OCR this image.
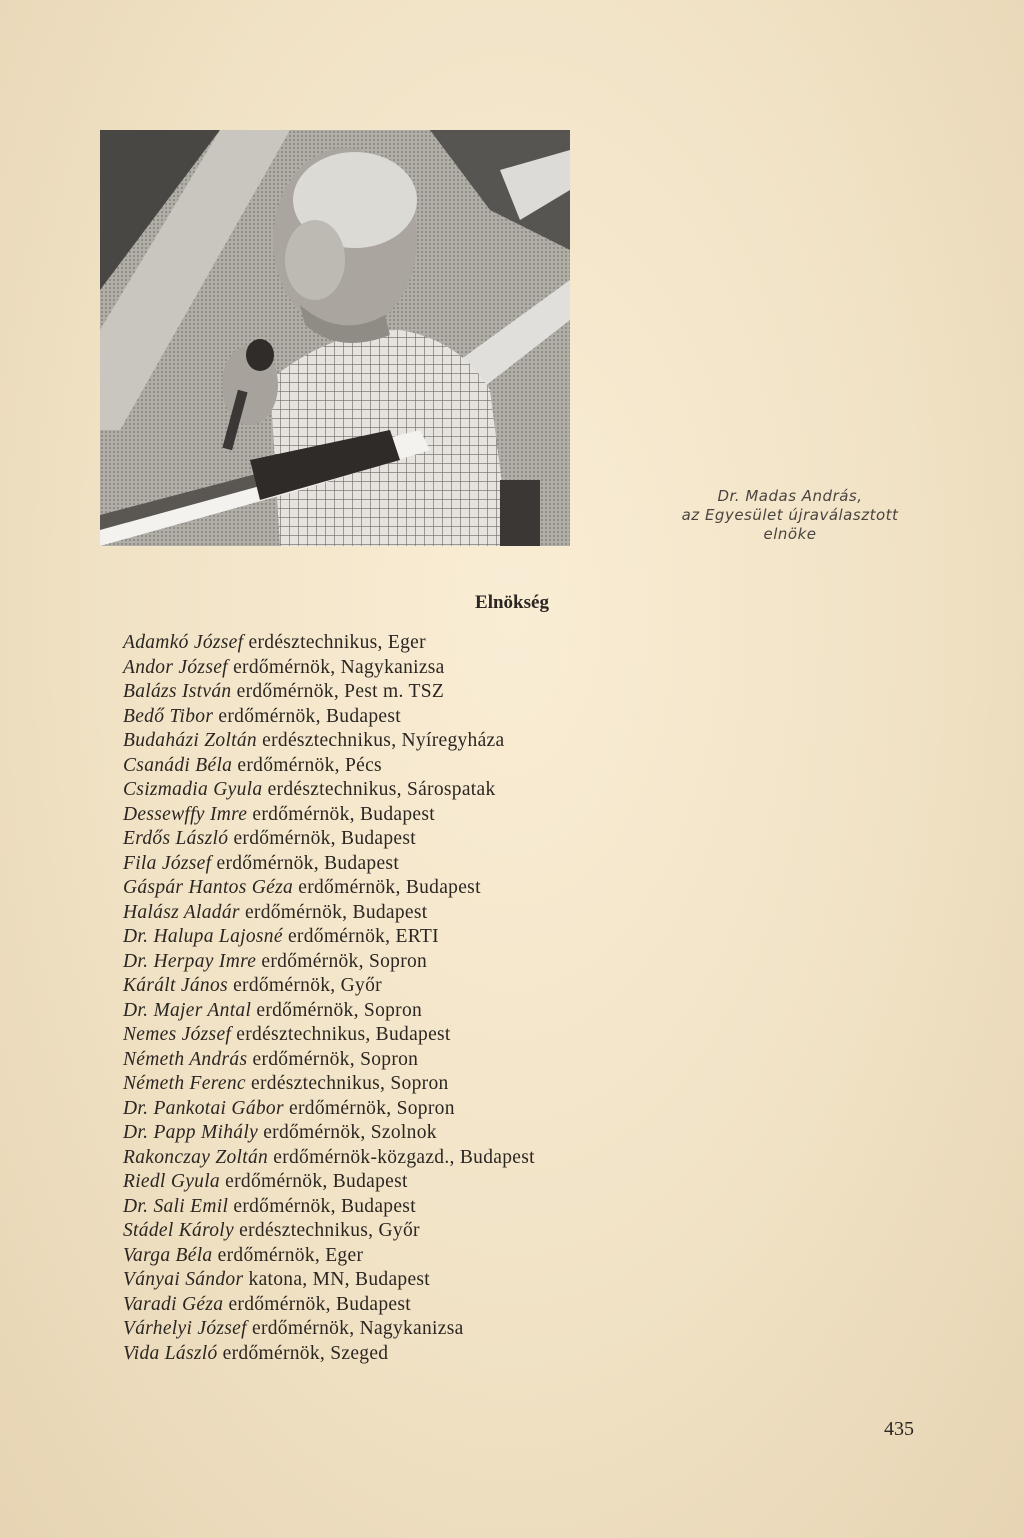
Dr. Madas András,
az Egyesület újraválasztott
elnöke
Elnökség
Adamkó József erdésztechnikus, Eger
Andor József erdőmérnök, Nagykanizsa
Balázs István erdőmérnök, Pest m. TSZ
Bedő Tibor erdőmérnök, Budapest
Budaházi Zoltán erdésztechnikus, Nyíregyháza
Csanádi Béla erdőmérnök, Pécs
Csizmadia Gyula erdésztechnikus, Sárospatak
Dessewffy Imre erdőmérnök, Budapest
Erdős László erdőmérnök, Budapest
Fila József erdőmérnök, Budapest
Gáspár Hantos Géza erdőmérnök, Budapest
Halász Aladár erdőmérnök, Budapest
Dr. Halupa Lajosné erdőmérnök, ERTI
Dr. Herpay Imre erdőmérnök, Sopron
Kárált János erdőmérnök, Győr
Dr. Majer Antal erdőmérnök, Sopron
Nemes József erdésztechnikus, Budapest
Németh András erdőmérnök, Sopron
Németh Ferenc erdésztechnikus, Sopron
Dr. Pankotai Gábor erdőmérnök, Sopron
Dr. Papp Mihály erdőmérnök, Szolnok
Rakonczay Zoltán erdőmérnök-közgazd., Budapest
Riedl Gyula erdőmérnök, Budapest
Dr. Sali Emil erdőmérnök, Budapest
Stádel Károly erdésztechnikus, Győr
Varga Béla erdőmérnök, Eger
Ványai Sándor katona, MN, Budapest
Varadi Géza erdőmérnök, Budapest
Várhelyi József erdőmérnök, Nagykanizsa
Vida László erdőmérnök, Szeged
435
